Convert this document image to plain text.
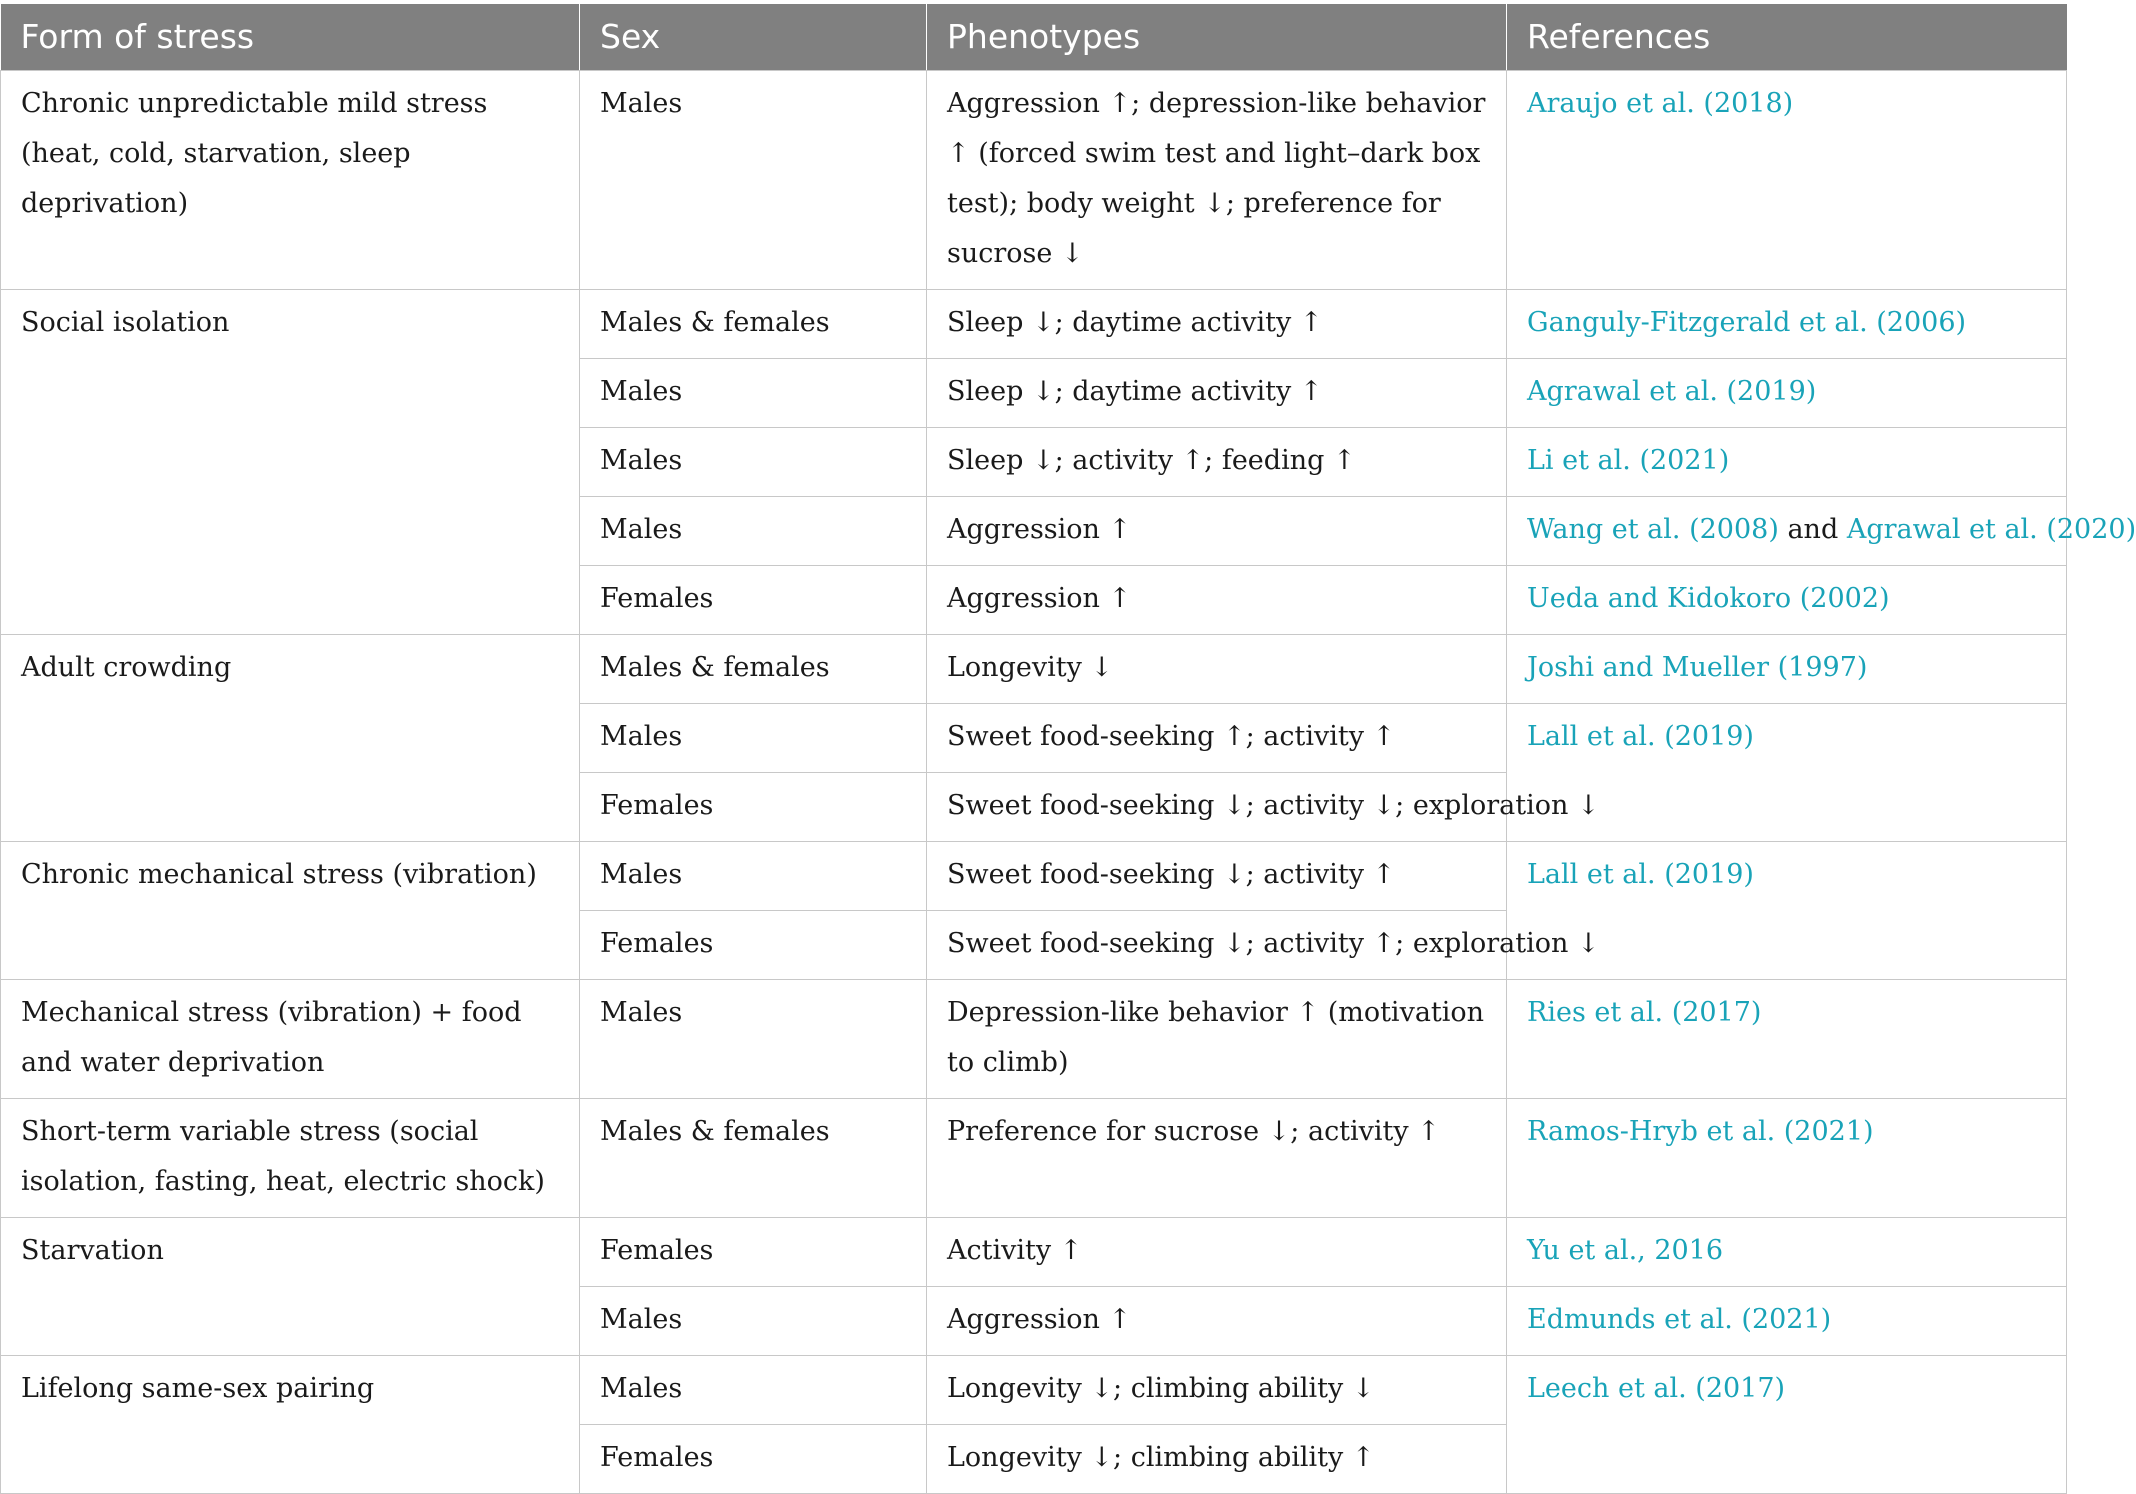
Form of stress	Sex	Phenotypes	References
Chronic unpredictable mild stress (heat, cold, starvation, sleep deprivation)	Males	Aggression ↑; depression-like behavior ↑ (forced swim test and light–dark box test); body weight ↓; preference for sucrose ↓	Araujo et al. (2018)
Social isolation	Males & females	Sleep ↓; daytime activity ↑	Ganguly-Fitzgerald et al. (2006)
	Males	Sleep ↓; daytime activity ↑	Agrawal et al. (2019)
	Males	Sleep ↓; activity ↑; feeding ↑	Li et al. (2021)
	Males	Aggression ↑	Wang et al. (2008) and Agrawal et al. (2020)
	Females	Aggression ↑	Ueda and Kidokoro (2002)
Adult crowding	Males & females	Longevity ↓	Joshi and Mueller (1997)
	Males	Sweet food-seeking ↑; activity ↑	Lall et al. (2019)
	Females	Sweet food-seeking ↓; activity ↓; exploration ↓	
Chronic mechanical stress (vibration)	Males	Sweet food-seeking ↓; activity ↑	Lall et al. (2019)
	Females	Sweet food-seeking ↓; activity ↑; exploration ↓	
Mechanical stress (vibration) + food and water deprivation	Males	Depression-like behavior ↑ (motivation to climb)	Ries et al. (2017)
Short-term variable stress (social isolation, fasting, heat, electric shock)	Males & females	Preference for sucrose ↓; activity ↑	Ramos-Hryb et al. (2021)
Starvation	Females	Activity ↑	Yu et al., 2016
	Males	Aggression ↑	Edmunds et al. (2021)
Lifelong same-sex pairing	Males	Longevity ↓; climbing ability ↓	Leech et al. (2017)
	Females	Longevity ↓; climbing ability ↑	
